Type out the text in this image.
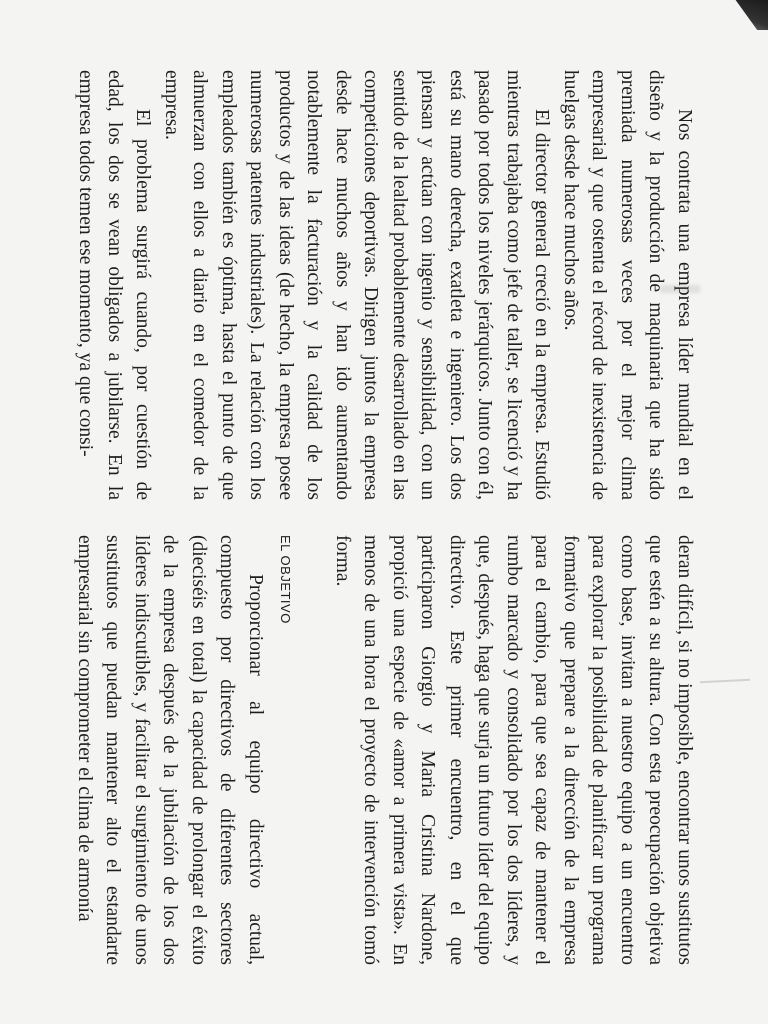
Nos contrata una empresa líder mundial en el diseño y la producción de maquinaria que ha sido premiada numerosas veces por el mejor clima empresarial y que ostenta el récord de inexistencia de huelgas desde hace muchos años.

El director general creció en la empresa. Estudió mientras trabajaba como jefe de taller, se licenció y ha pasado por todos los niveles jerárquicos. Junto con él, está su mano derecha, exatleta e ingeniero. Los dos piensan y actúan con ingenio y sensibilidad, con un sentido de la lealtad probablemente desarrollado en las competiciones deportivas. Dirigen juntos la empresa desde hace muchos años y han ido aumentando notablemente la facturación y la calidad de los productos y de las ideas (de hecho, la empresa posee numerosas patentes industriales). La relación con los empleados también es óptima, hasta el punto de que almuerzan con ellos a diario en el comedor de la empresa.

El problema surgirá cuando, por cuestión de edad, los dos se vean obligados a jubilarse. En la empresa todos temen ese momento, ya que consi-

deran difícil, si no imposible, encontrar unos sustitutos que estén a su altura. Con esta preocupación objetiva como base, invitan a nuestro equipo a un encuentro para explorar la posibilidad de planificar un programa formativo que prepare a la dirección de la empresa para el cambio, para que sea capaz de mantener el rumbo marcado y consolidado por los dos líderes, y que, después, haga que surja un futuro líder del equipo directivo. Este primer encuentro, en el que participaron Giorgio y Maria Cristina Nardone, propició una especie de «amor a primera vista». En menos de una hora el proyecto de intervención tomó forma.

EL OBJETIVO

Proporcionar al equipo directivo actual, compuesto por directivos de diferentes sectores (dieciséis en total) la capacidad de prolongar el éxito de la empresa después de la jubilación de los dos líderes indiscutibles, y facilitar el surgimiento de unos sustitutos que puedan mantener alto el estandarte empresarial sin comprometer el clima de armonía
